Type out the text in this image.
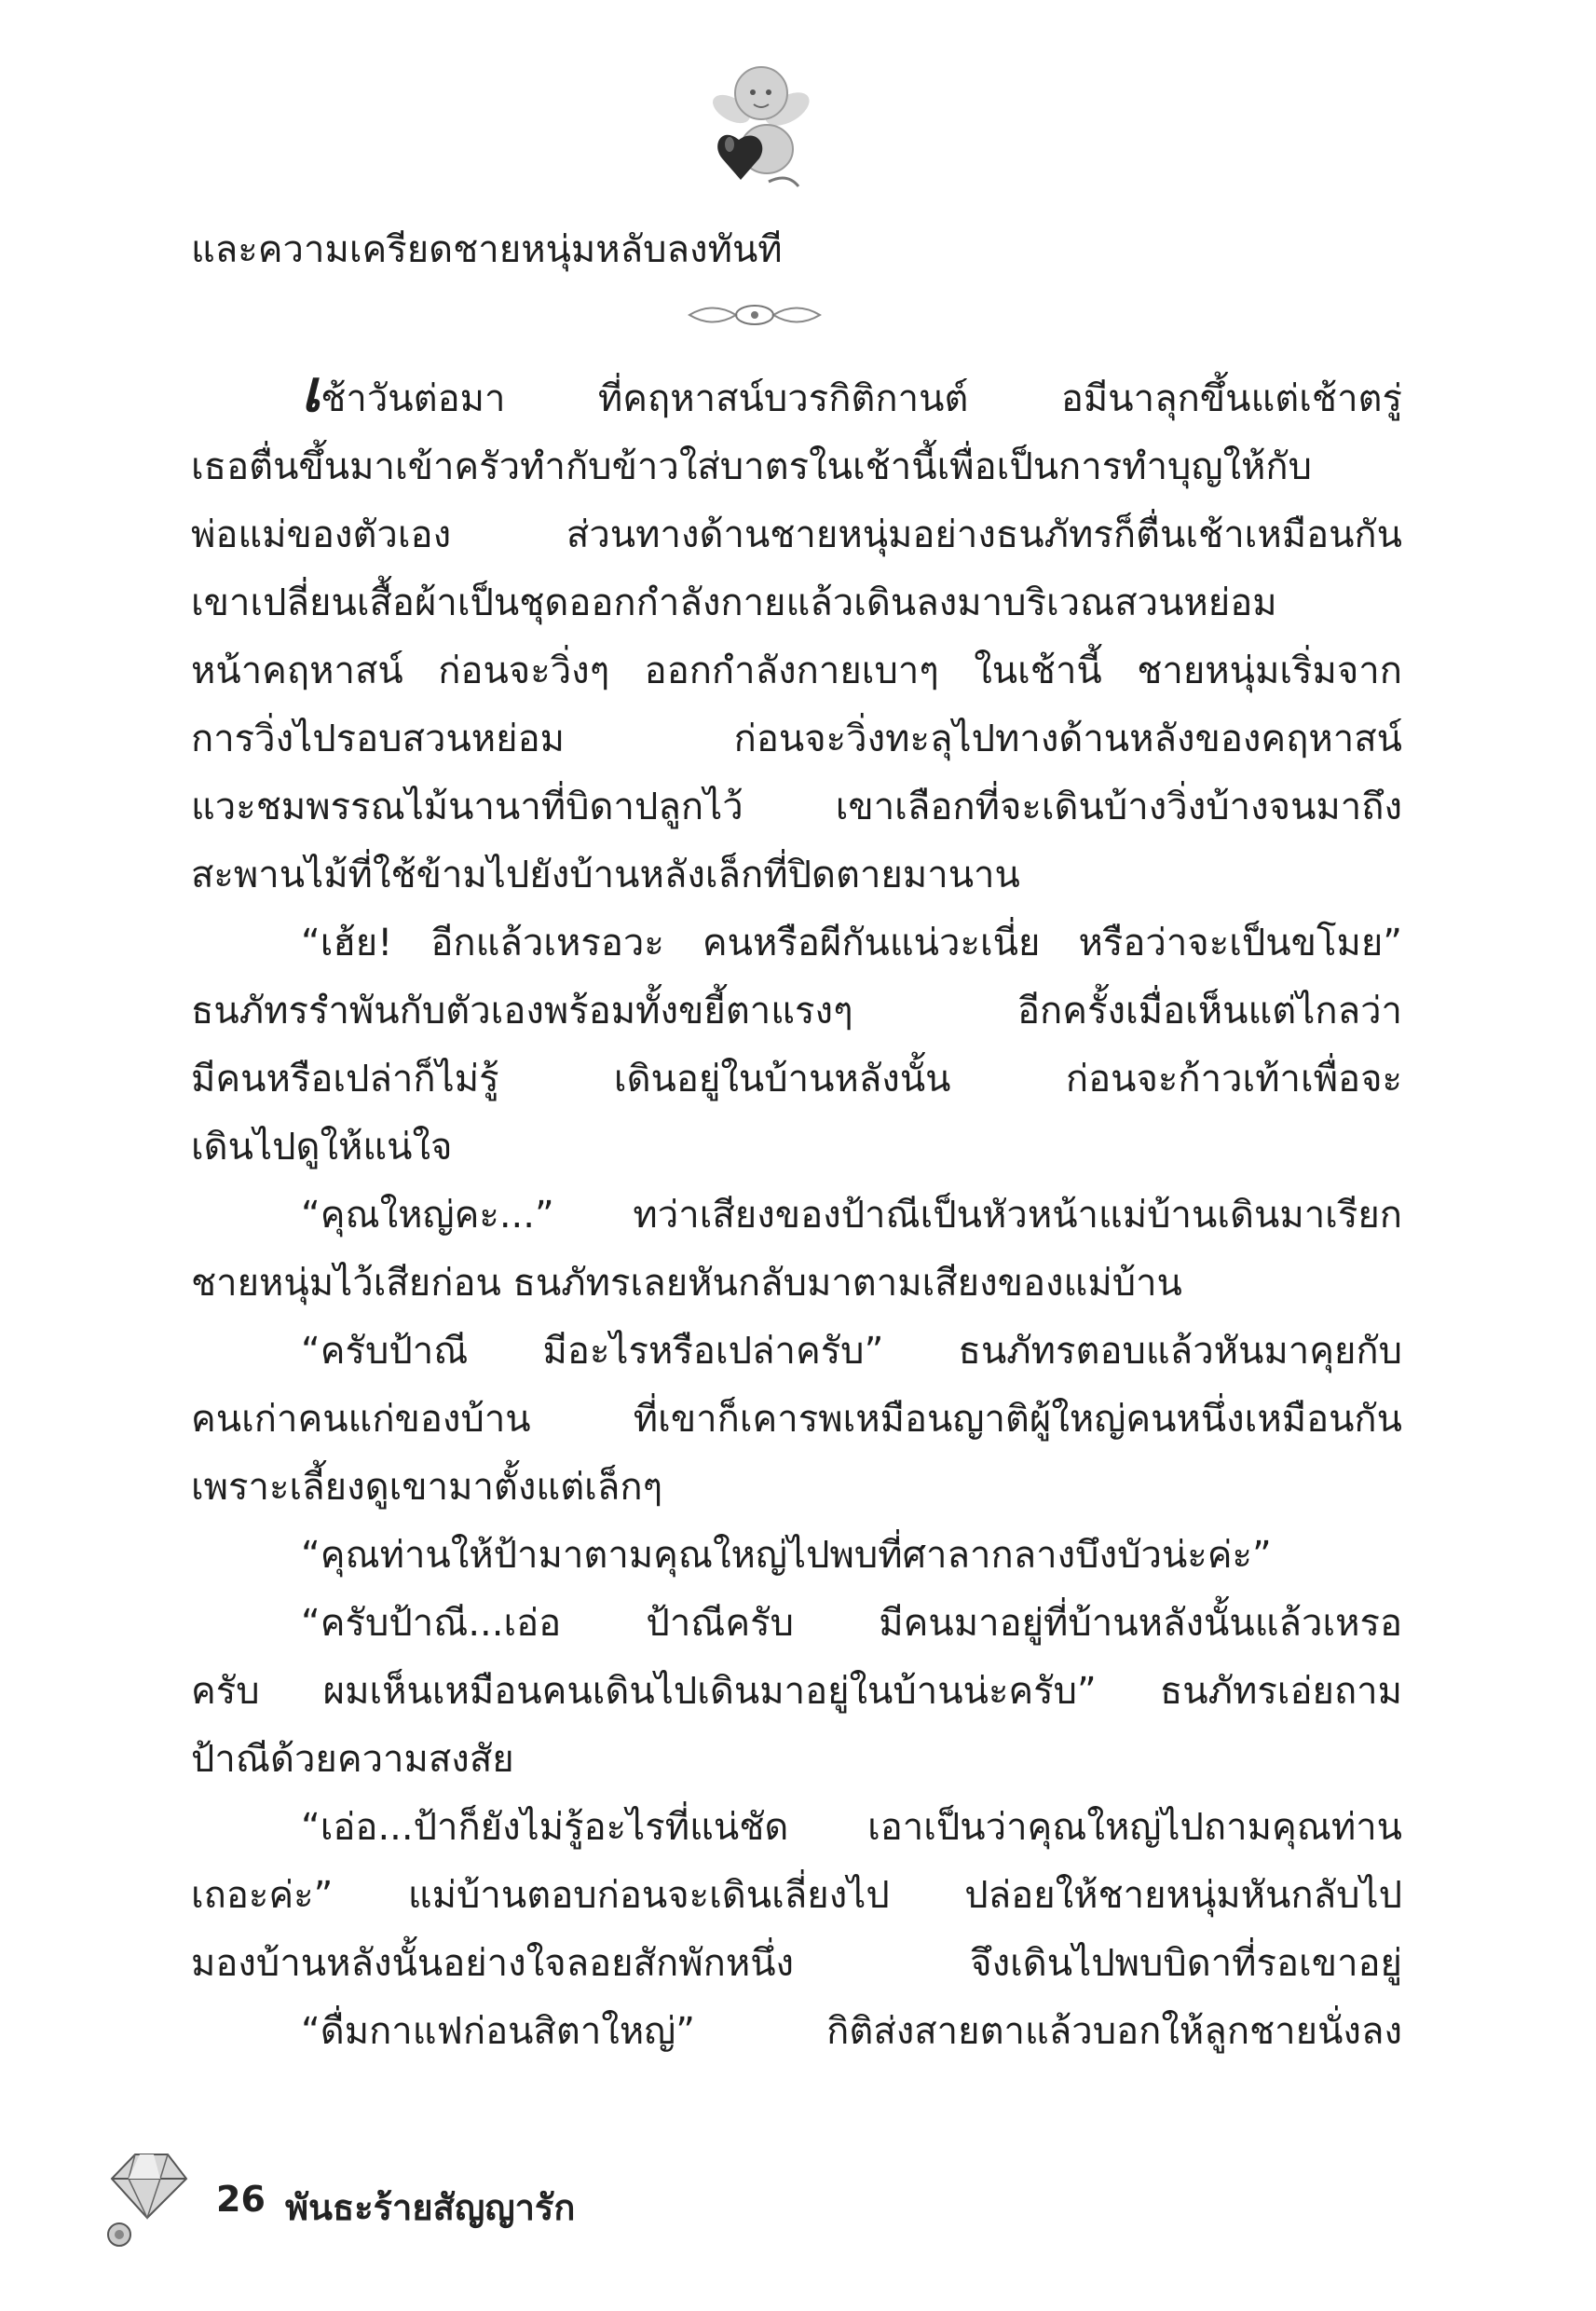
และความเครียดชายหนุ่มหลับลงทันที

เช้าวันต่อมา ที่คฤหาสน์บวรกิติกานต์ อมีนาลุกขึ้นแต่เช้าตรู่
เธอตื่นขึ้นมาเข้าครัวทำกับข้าวใส่บาตรในเช้านี้เพื่อเป็นการทำบุญให้กับ
พ่อแม่ของตัวเอง ส่วนทางด้านชายหนุ่มอย่างธนภัทรก็ตื่นเช้าเหมือนกัน
เขาเปลี่ยนเสื้อผ้าเป็นชุดออกกำลังกายแล้วเดินลงมาบริเวณสวนหย่อม
หน้าคฤหาสน์ ก่อนจะวิ่งๆ ออกกำลังกายเบาๆ ในเช้านี้ ชายหนุ่มเริ่มจาก
การวิ่งไปรอบสวนหย่อม ก่อนจะวิ่งทะลุไปทางด้านหลังของคฤหาสน์
แวะชมพรรณไม้นานาที่บิดาปลูกไว้ เขาเลือกที่จะเดินบ้างวิ่งบ้างจนมาถึง
สะพานไม้ที่ใช้ข้ามไปยังบ้านหลังเล็กที่ปิดตายมานาน
“เฮ้ย! อีกแล้วเหรอวะ คนหรือผีกันแน่วะเนี่ย หรือว่าจะเป็นขโมย”
ธนภัทรรำพันกับตัวเองพร้อมทั้งขยี้ตาแรงๆ อีกครั้งเมื่อเห็นแต่ไกลว่า
มีคนหรือเปล่าก็ไม่รู้ เดินอยู่ในบ้านหลังนั้น ก่อนจะก้าวเท้าเพื่อจะ
เดินไปดูให้แน่ใจ
“คุณใหญ่คะ...” ทว่าเสียงของป้าณีเป็นหัวหน้าแม่บ้านเดินมาเรียก
ชายหนุ่มไว้เสียก่อน ธนภัทรเลยหันกลับมาตามเสียงของแม่บ้าน
“ครับป้าณี มีอะไรหรือเปล่าครับ” ธนภัทรตอบแล้วหันมาคุยกับ
คนเก่าคนแก่ของบ้าน ที่เขาก็เคารพเหมือนญาติผู้ใหญ่คนหนึ่งเหมือนกัน
เพราะเลี้ยงดูเขามาตั้งแต่เล็กๆ
“คุณท่านให้ป้ามาตามคุณใหญ่ไปพบที่ศาลากลางบึงบัวน่ะค่ะ”
“ครับป้าณี...เอ่อ ป้าณีครับ มีคนมาอยู่ที่บ้านหลังนั้นแล้วเหรอ
ครับ ผมเห็นเหมือนคนเดินไปเดินมาอยู่ในบ้านน่ะครับ” ธนภัทรเอ่ยถาม
ป้าณีด้วยความสงสัย
“เอ่อ...ป้าก็ยังไม่รู้อะไรที่แน่ชัด เอาเป็นว่าคุณใหญ่ไปถามคุณท่าน
เถอะค่ะ” แม่บ้านตอบก่อนจะเดินเลี่ยงไป ปล่อยให้ชายหนุ่มหันกลับไป
มองบ้านหลังนั้นอย่างใจลอยสักพักหนึ่ง จึงเดินไปพบบิดาที่รอเขาอยู่
“ดื่มกาแฟก่อนสิตาใหญ่” กิติส่งสายตาแล้วบอกให้ลูกชายนั่งลง
26 พันธะร้ายสัญญารัก
